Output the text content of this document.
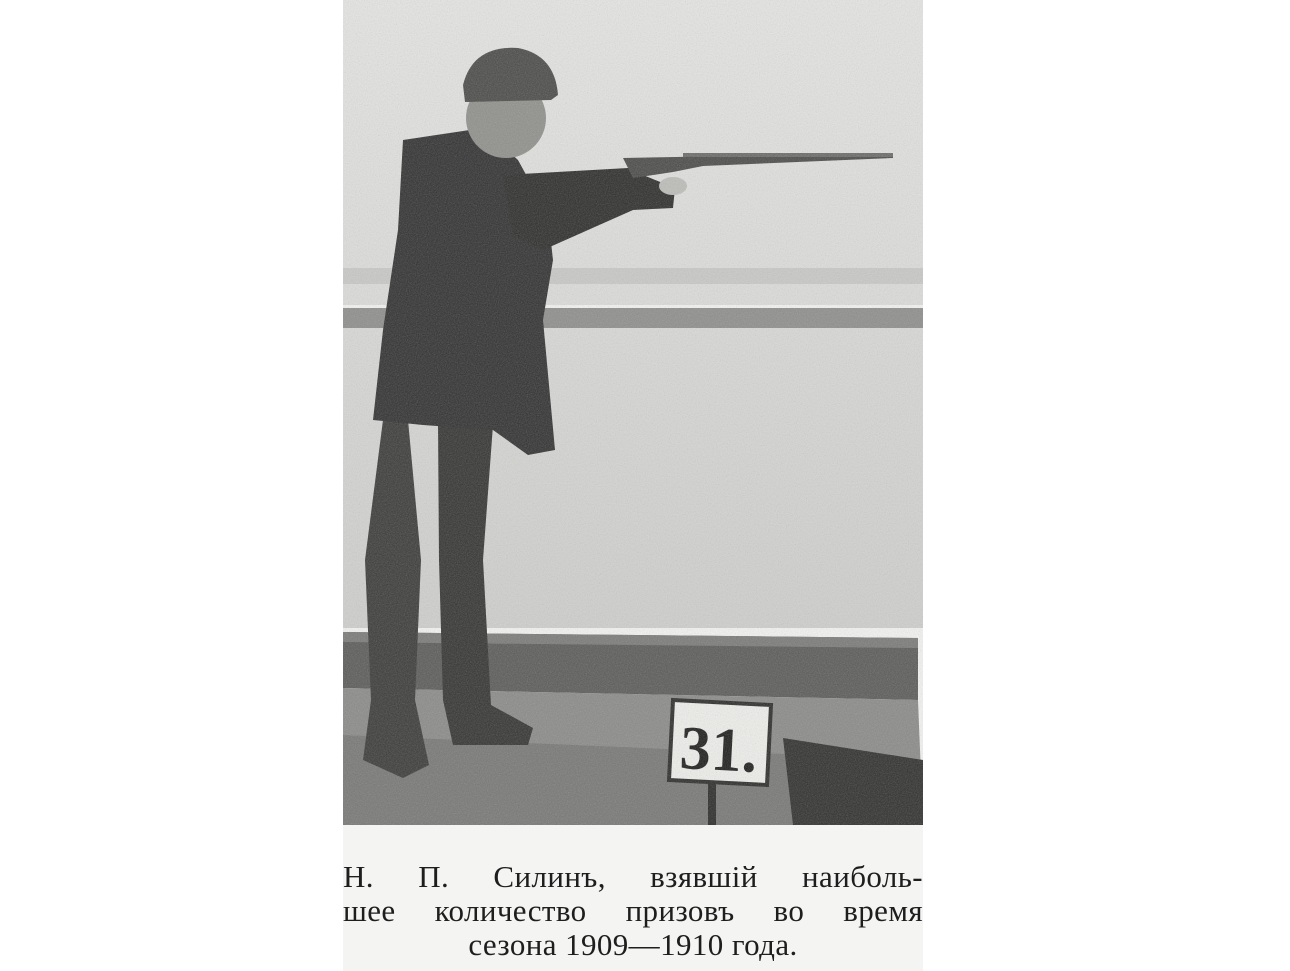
Н. П. Силинъ, взявшiй наиболь-
шее количество призовъ во время
сезона 1909—1910 года.
